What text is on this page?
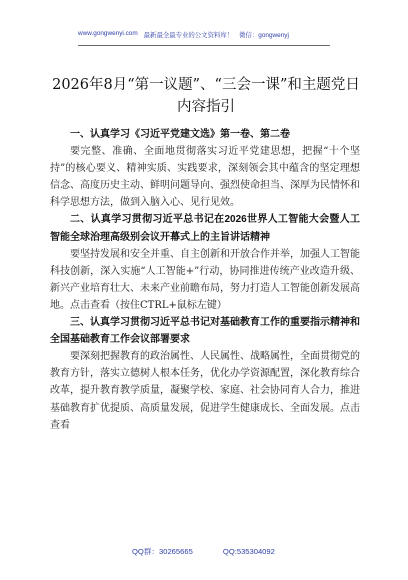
www.gongwenyi.com 最新最全最专业的公文资料库！ 微信：gongwenyj
2026年8月“第一议题”、“三会一课”和主题党日内容指引

一、认真学习《习近平党建文选》第一卷、第二卷

要完整、准确、全面地贯彻落实习近平党建思想，把握“十个坚持”的核心要义、精神实质、实践要求，深刻领会其中蕴含的坚定理想信念、高度历史主动、鲜明问题导向、强烈使命担当、深厚为民情怀和科学思想方法，做到入脑入心、见行见效。

二、认真学习贯彻习近平总书记在2026世界人工智能大会暨人工智能全球治理高级别会议开幕式上的主旨讲话精神

要坚持发展和安全并重、自主创新和开放合作并举，加强人工智能科技创新，深入实施“人工智能+”行动，协同推进传统产业改造升级、新兴产业培育壮大、未来产业前瞻布局，努力打造人工智能创新发展高地。点击查看（按住CTRL+鼠标左键）

三、认真学习贯彻习近平总书记对基础教育工作的重要指示精神和全国基础教育工作会议部署要求

要深刻把握教育的政治属性、人民属性、战略属性，全面贯彻党的教育方针，落实立德树人根本任务，优化办学资源配置，深化教育综合改革，提升教育教学质量，凝聚学校、家庭、社会协同育人合力，推进基础教育扩优提质、高质量发展，促进学生健康成长、全面发展。点击查看

QQ群：30265665	QQ:535304092
